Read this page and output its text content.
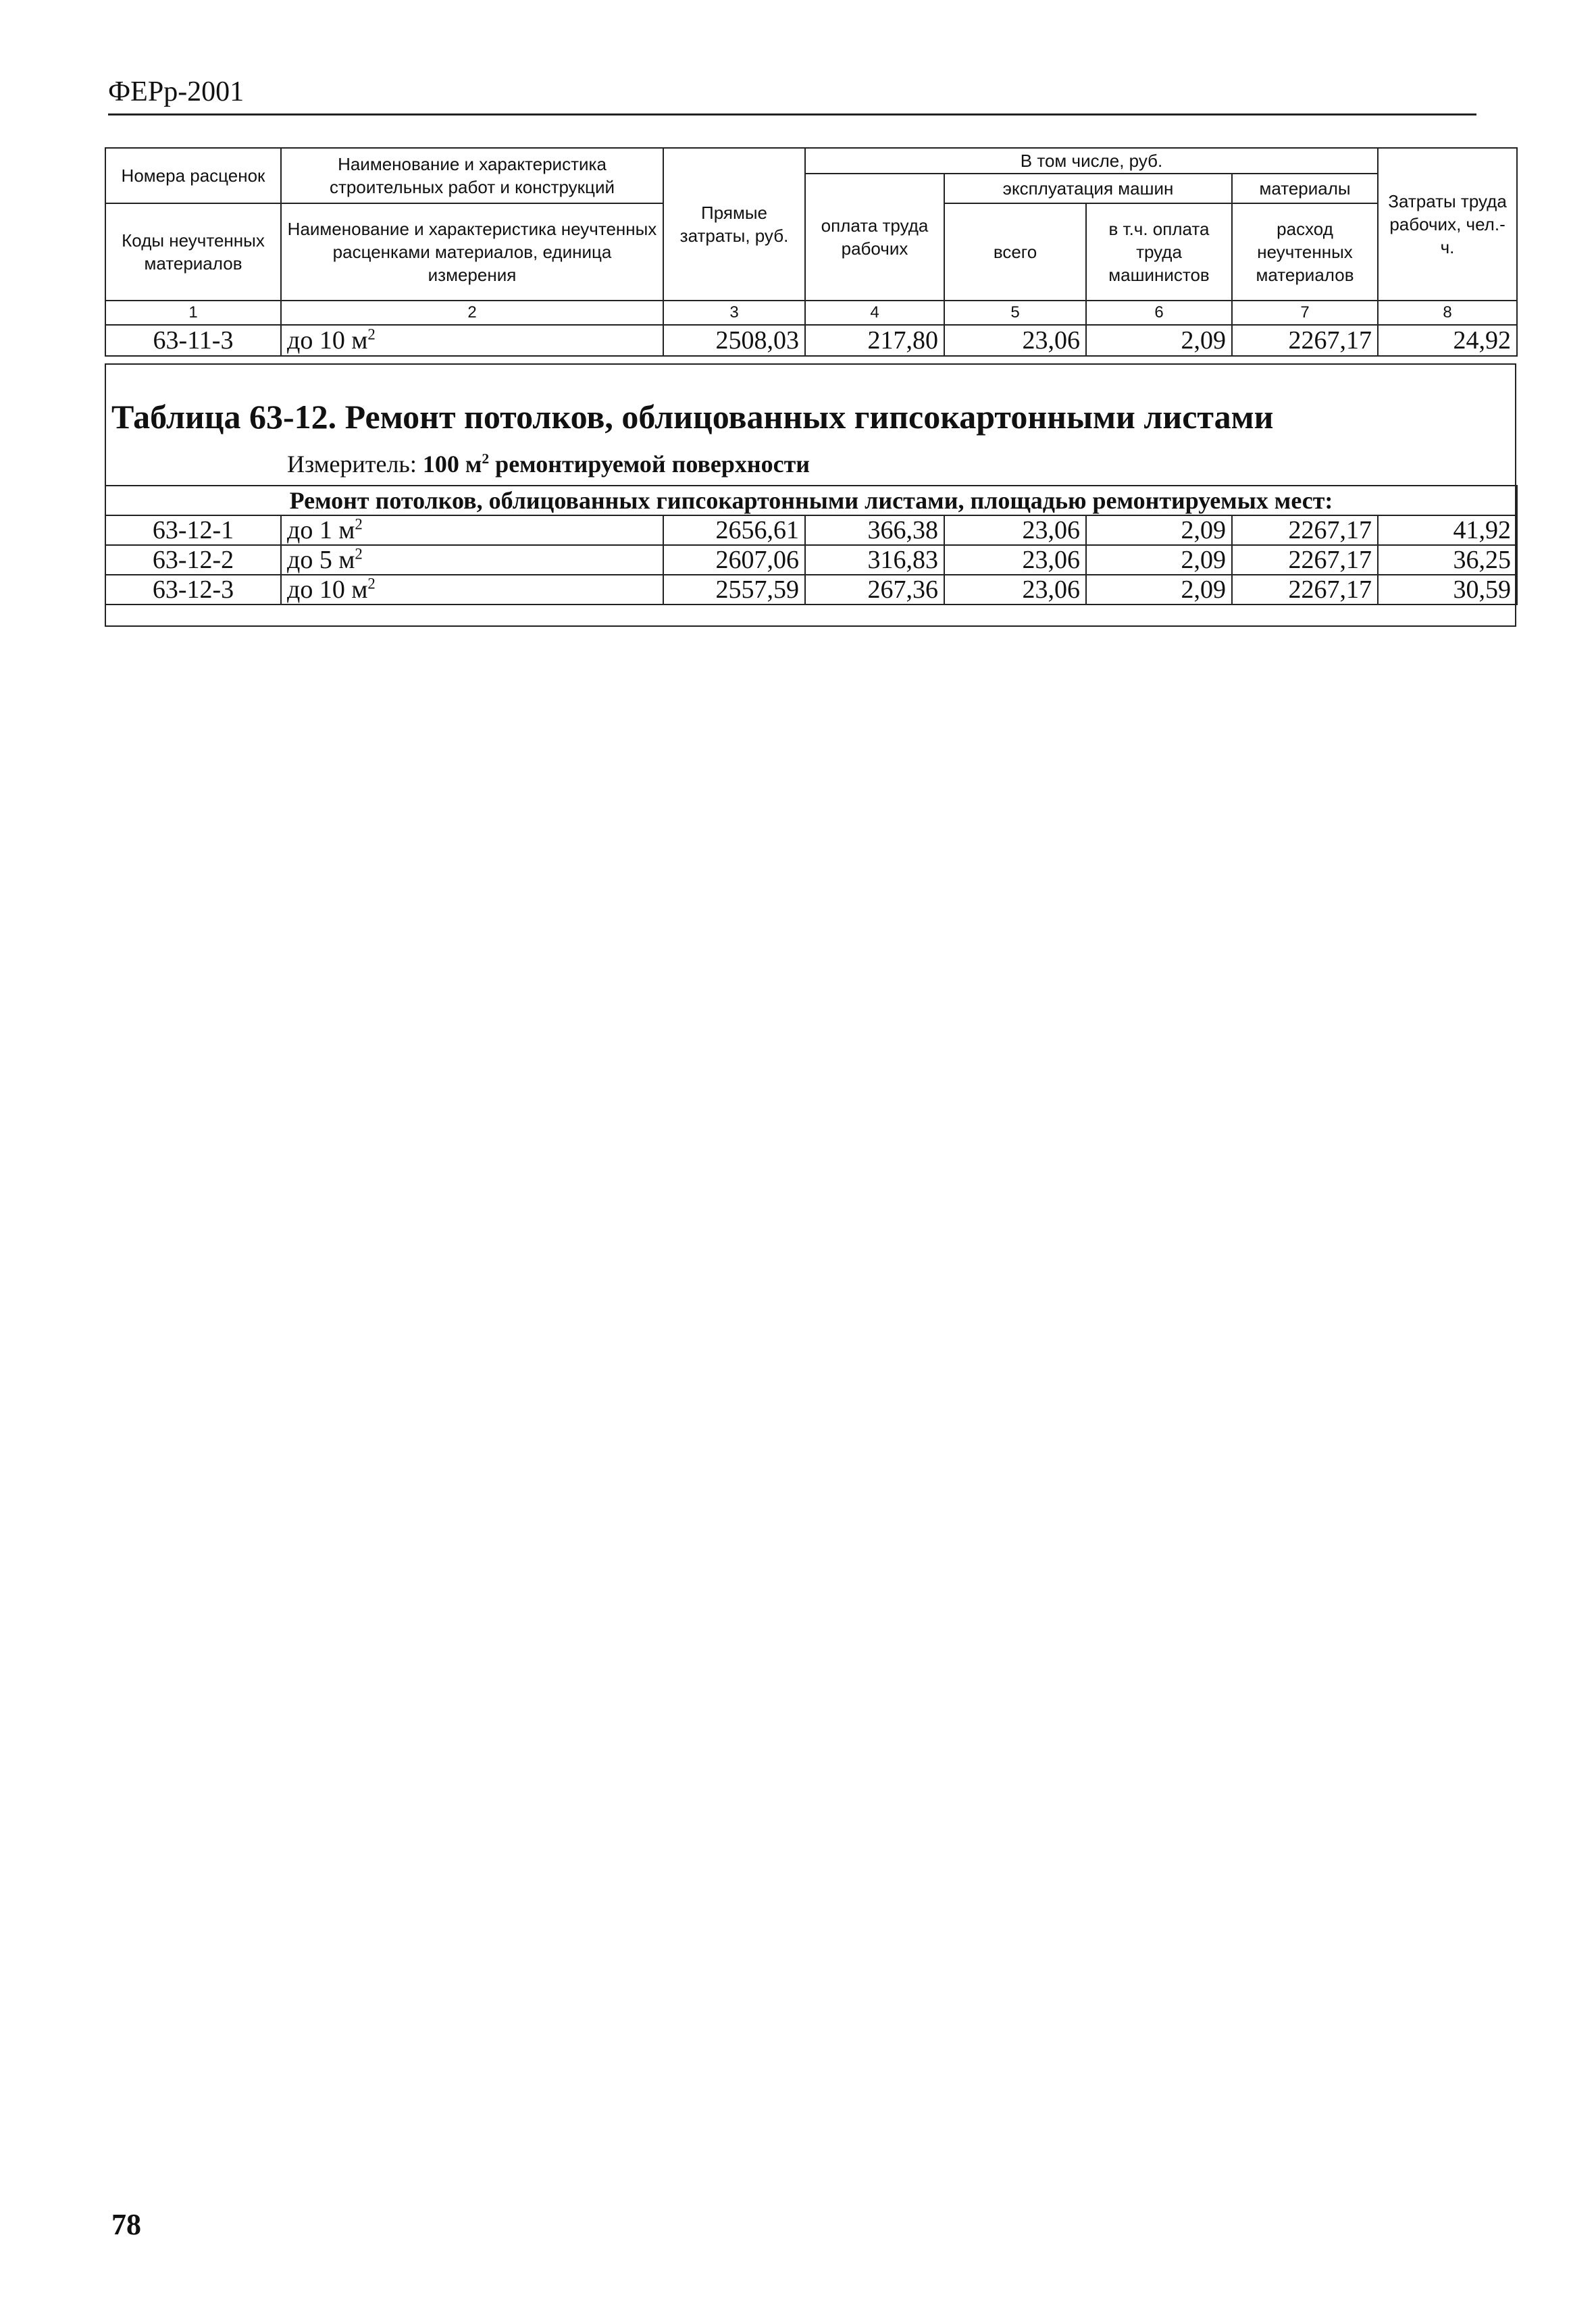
ФЕРр-2001
Номера расценок	Наименование и характеристика строительных работ и конструкций	Прямые затраты, руб.	В том числе, руб.				Затраты труда рабочих, чел.-ч.
			оплата труда рабочих	эксплуатация машин		материалы	
Коды неучтенных материалов	Наименование и характеристика неучтенных расценками материалов, единица измерения			всего	в т.ч. оплата труда машинистов	расход неучтенных материалов	

1	2	3	4	5	6	7	8
63-11-3	до 10 $м^2$	2508,03	217,80	23,06	2,09	2267,17	24,92
Таблица 63-12. Ремонт потолков, облицованных гипсокартонными листами
Измеритель: 100 $м^2$ ремонтируемой поверхности
Ремонт потолков, облицованных гипсокартонными листами, площадью ремонтируемых мест:							
63-12-1	до 1 $м^2$	2656,61	366,38	23,06	2,09	2267,17	41,92
63-12-2	до 5 $м^2$	2607,06	316,83	23,06	2,09	2267,17	36,25
63-12-3	до 10 $м^2$	2557,59	267,36	23,06	2,09	2267,17	30,59
78
